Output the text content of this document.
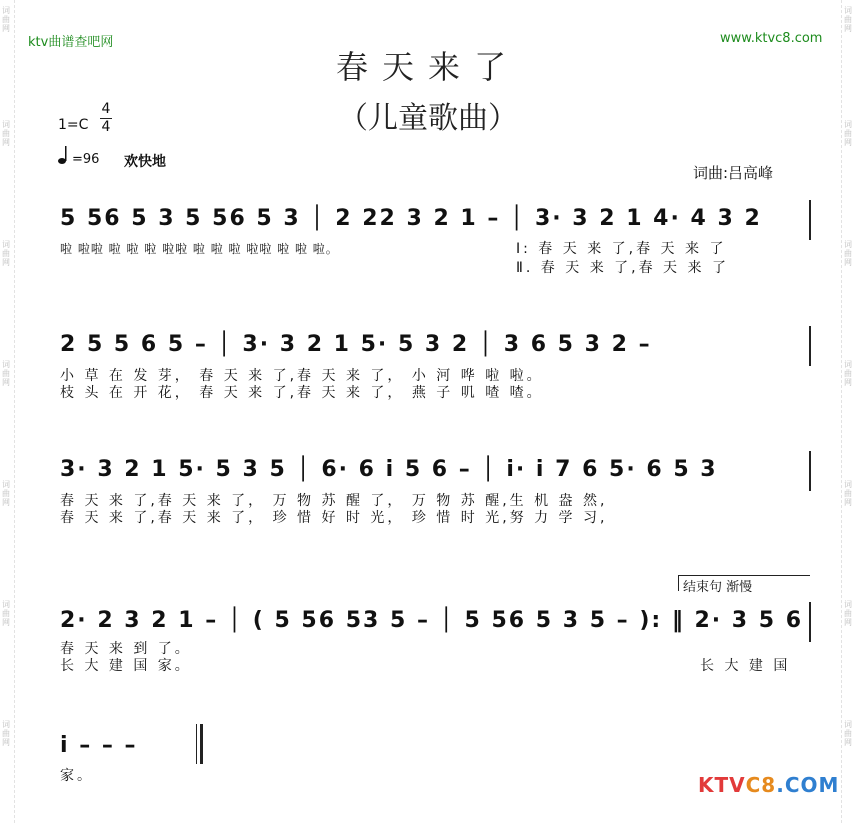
词曲网
词曲网
词曲网
词曲网
词曲网
词曲网
词曲网
词曲网
词曲网
词曲网
词曲网
词曲网
词曲网
词曲网
ktv曲谱查吧网	www.ktvc8.com
春天来了
（儿童歌曲）
1=C
4
4
=96 欢快地
词曲:吕高峰
5 56 5 3 5 56 5 3 │ 2 22 3 2 1 – │ 3· 3 2 1 4· 4 3 2
啦 啦啦 啦 啦 啦 啦啦 啦 啦 啦 啦啦 啦 啦 啦。	Ⅰ: 春 天 来 了,春 天 来 了
Ⅱ. 春 天 来 了,春 天 来 了
2 5 5 6 5 – │ 3· 3 2 1 5· 5 3 2 │ 3 6 5 3 2 –
小 草 在 发 芽， 春 天 来 了,春 天 来 了， 小 河 哗 啦 啦。
枝 头 在 开 花， 春 天 来 了,春 天 来 了， 燕 子 叽 喳 喳。
3· 3 2 1 5· 5 3 5 │ 6· 6 i 5 6 – │ i· i 7 6 5· 6 5 3
春 天 来 了,春 天 来 了， 万 物 苏 醒 了， 万 物 苏 醒,生 机 盎 然,
春 天 来 了,春 天 来 了， 珍 惜 好 时 光， 珍 惜 时 光,努 力 学 习,
结束句 渐慢
2· 2 3 2 1 – │ ( 5 56 53 5 – │ 5 56 5 3 5 – ): ‖ 2· 3 5 6
春 天 来 到 了。
长 大 建 国 家。	长 大 建 国
i – – –
家。	KTVC8.COM
